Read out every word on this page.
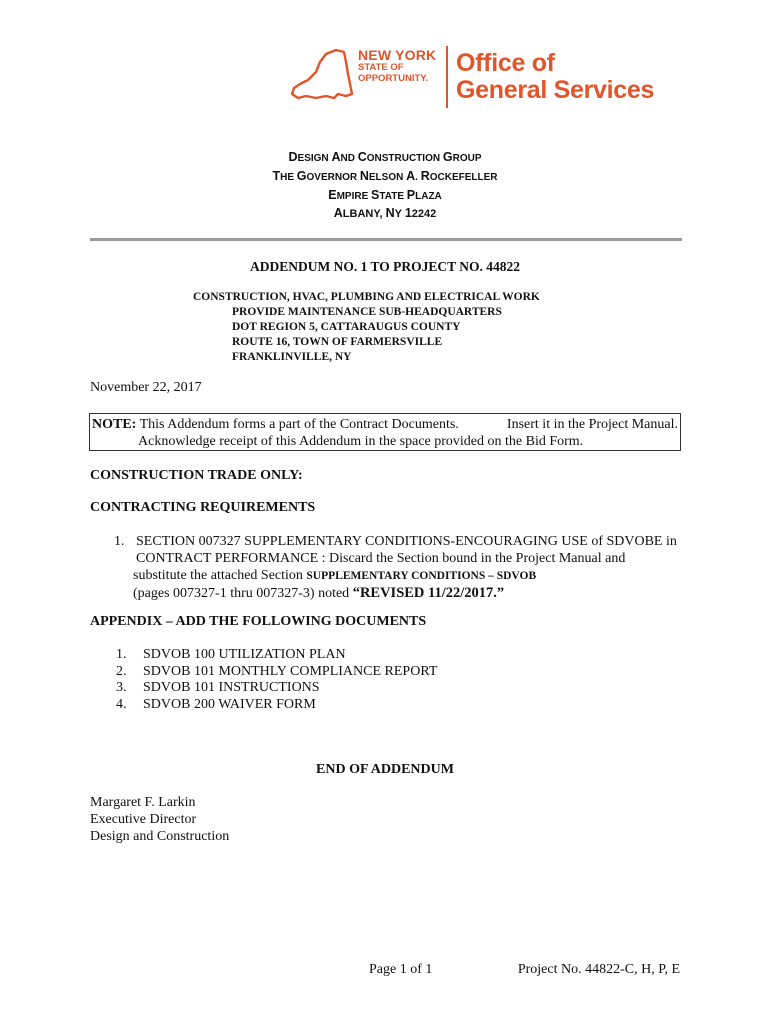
NEW YORK
STATE OF
OPPORTUNITY.
Office of
General Services
DESIGN AND CONSTRUCTION GROUP
THE GOVERNOR NELSON A. ROCKEFELLER
EMPIRE STATE PLAZA
ALBANY, NY 12242
ADDENDUM NO. 1 TO PROJECT NO. 44822
CONSTRUCTION, HVAC, PLUMBING AND ELECTRICAL WORK
PROVIDE MAINTENANCE SUB-HEADQUARTERS
DOT REGION 5, CATTARAUGUS COUNTY
ROUTE 16, TOWN OF FARMERSVILLE
FRANKLINVILLE, NY
November 22, 2017
NOTE: This Addendum forms a part of the Contract Documents.	Insert it in the Project Manual.
Acknowledge receipt of this Addendum in the space provided on the Bid Form.
CONSTRUCTION TRADE ONLY:
CONTRACTING REQUIREMENTS
1. SECTION 007327 SUPPLEMENTARY CONDITIONS-ENCOURAGING USE of SDVOBE in
CONTRACT PERFORMANCE : Discard the Section bound in the Project Manual and
substitute the attached Section SUPPLEMENTARY CONDITIONS – SDVOB
(pages 007327-1 thru 007327-3) noted “REVISED 11/22/2017.”
APPENDIX – ADD THE FOLLOWING DOCUMENTS
1. SDVOB 100 UTILIZATION PLAN
2. SDVOB 101 MONTHLY COMPLIANCE REPORT
3. SDVOB 101 INSTRUCTIONS
4. SDVOB 200 WAIVER FORM
END OF ADDENDUM
Margaret F. Larkin
Executive Director
Design and Construction
Page 1 of 1	Project No. 44822-C, H, P, E
